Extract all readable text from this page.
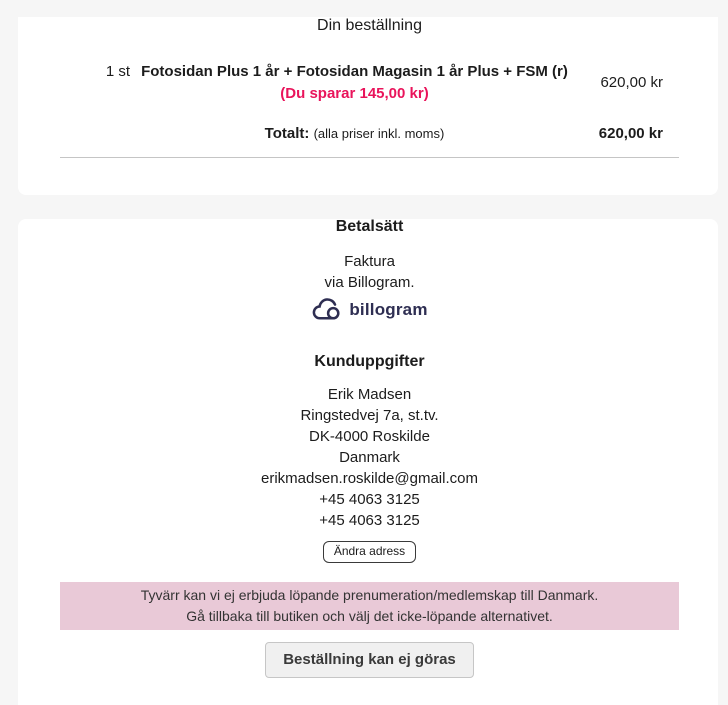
Din beställning
1 st Fotosidan Plus 1 år + Fotosidan Magasin 1 år Plus + FSM (r)
(Du sparar 145,00 kr)
620,00 kr
Totalt: (alla priser inkl. moms)	620,00 kr
Betalsätt
Faktura
via Billogram.
billogram
Kunduppgifter
Erik Madsen
Ringstedvej 7a, st.tv.
DK-4000 Roskilde
Danmark
erikmadsen.roskilde@gmail.com
+45 4063 3125
+45 4063 3125
Ändra adress
Tyvärr kan vi ej erbjuda löpande prenumeration/medlemskap till Danmark.
Gå tillbaka till butiken och välj det icke-löpande alternativet.
Beställning kan ej göras
